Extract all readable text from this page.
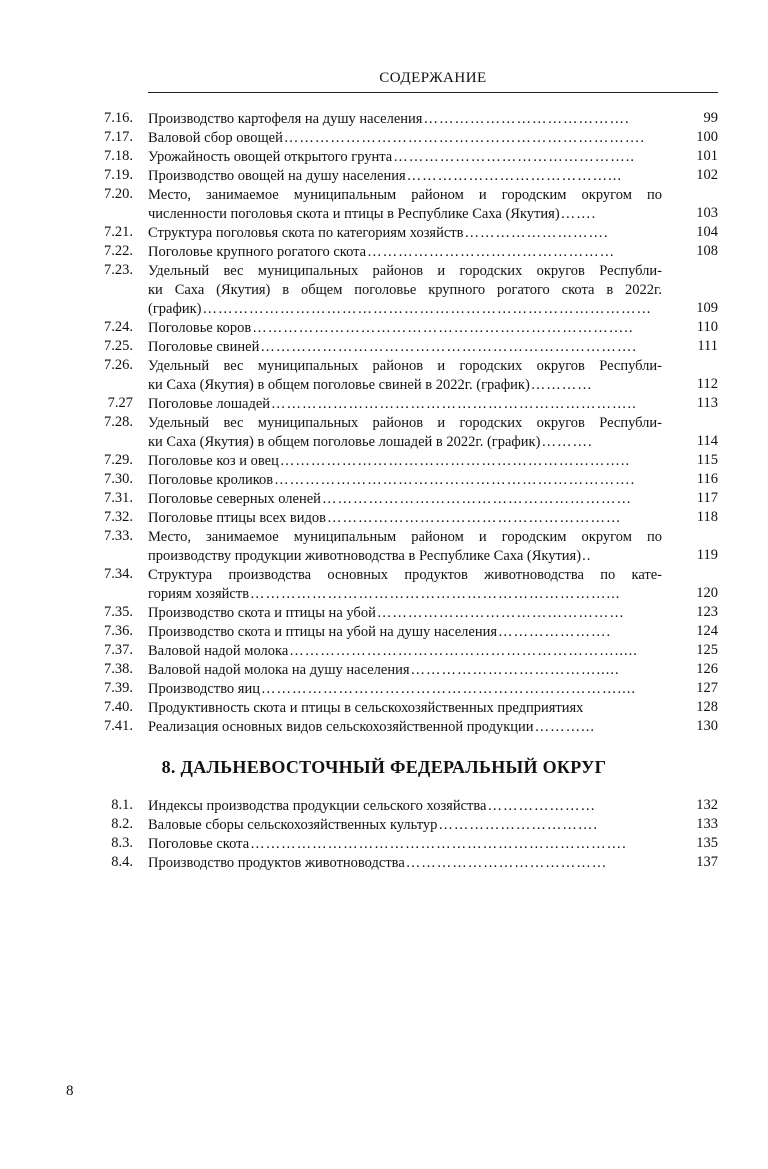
СОДЕРЖАНИЕ
7.16. Производство картофеля на душу населения ………………………………….	99
7.17. Валовой сбор овощей …………………………………………………………….	100
7.18. Урожайность овощей открытого грунта ………………………………………..	101
7.19. Производство овощей на душу населения …………………………………...	102
7.20. Место, занимаемое муниципальным районом и городским округом по
численности поголовья скота и птицы в Республике Саха (Якутия) …….	103
7.21. Структура поголовья скота по категориям хозяйств ……………………….	104
7.22. Поголовье крупного рогатого скота …………………………………………	108
7.23. Удельный вес муниципальных районов и городских округов Республи-
ки Саха (Якутия) в общем поголовье крупного рогатого скота в 2022г.
(график) ……………………………………………………………………………	109
7.24. Поголовье коров ………………………………………………………………..	110
7.25. Поголовье свиней ……………………………………………………………….	111
7.26. Удельный вес муниципальных районов и городских округов Республи-
ки Саха (Якутия) в общем поголовье свиней в 2022г. (график) …………	112
7.27 Поголовье лошадей ……………………………………………………………..	113
7.28. Удельный вес муниципальных районов и городских округов Республи-
ки Саха (Якутия) в общем поголовье лошадей в 2022г. (график) ……….	114
7.29. Поголовье коз и овец …………………………………………………………..	115
7.30. Поголовье кроликов …………………………………………………………….	116
7.31. Поголовье северных оленей ……………………………………………………	117
7.32. Поголовье птицы всех видов …………………………………………………	118
7.33. Место, занимаемое муниципальным районом и городским округом по
производству продукции животноводства в Республике Саха (Якутия) ..	119
7.34. Структура производства основных продуктов животноводства по кате-
гориям хозяйств ……………………………………………………………...	120
7.35. Производство скота и птицы на убой …………………………………………	123
7.36. Производство скота и птицы на убой на душу населения ………………….	124
7.37. Валовой надой молока ……………………………………………………….....	125
7.38. Валовой надой молока на душу населения ……………………………….....	126
7.39. Производство яиц ……………………………………………………………....	127
7.40. Продуктивность скота и птицы в сельскохозяйственных предприятиях	128
7.41. Реализация основных видов сельскохозяйственной продукции ………...	130
8. ДАЛЬНЕВОСТОЧНЫЙ ФЕДЕРАЛЬНЫЙ ОКРУГ
8.1. Индексы производства продукции сельского хозяйства …………………	132
8.2. Валовые сборы сельскохозяйственных культур ………………………….	133
8.3. Поголовье скота ……………………………………………………………….	135
8.4. Производство продуктов животноводства …………………………………	137
8
